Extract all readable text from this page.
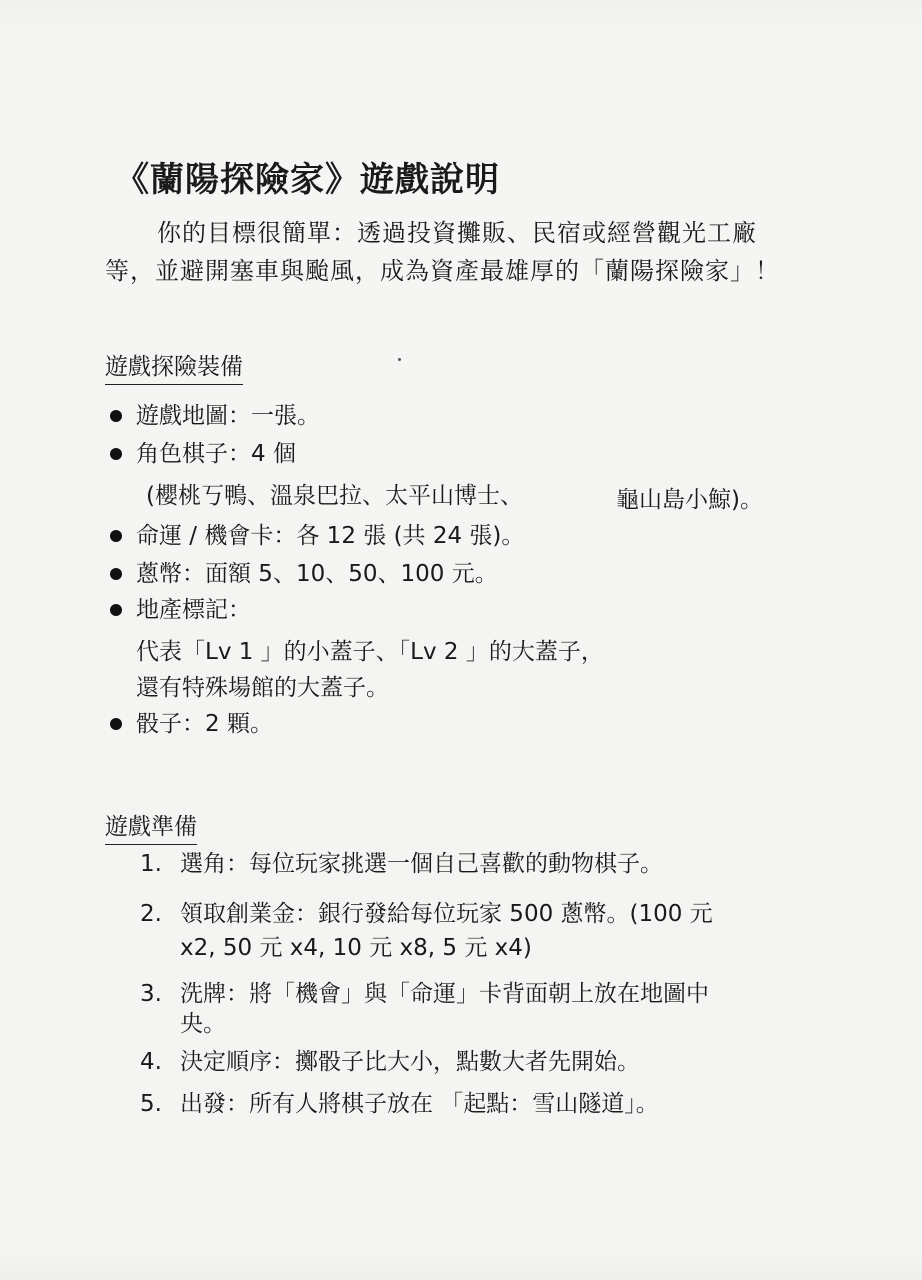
《蘭陽探險家》遊戲說明
你的目標很簡單：透過投資攤販、民宿或經營觀光工廠
等，並避開塞車與颱風，成為資產最雄厚的「蘭陽探險家」！
遊戲探險裝備
遊戲地圖：一張。
角色棋子：4 個
(櫻桃丂鴨、溫泉巴拉、太平山博士、	龜山島小鯨)。
命運 / 機會卡：各 12 張 (共 24 張)。
蔥幣：面額 5、10、50、100 元。
地產標記：
代表「Lv 1 」的小蓋子、「Lv 2 」的大蓋子，
還有特殊場館的大蓋子。
骰子：2 顆。
遊戲準備
1. 選角：每位玩家挑選一個自己喜歡的動物棋子。
2. 領取創業金：銀行發給每位玩家 500 蔥幣。(100 元
x2, 50 元 x4, 10 元 x8, 5 元 x4)
3. 洗牌：將「機會」與「命運」卡背面朝上放在地圖中
央。
4. 決定順序：擲骰子比大小，點數大者先開始。
5. 出發：所有人將棋子放在 「起點：雪山隧道」。
